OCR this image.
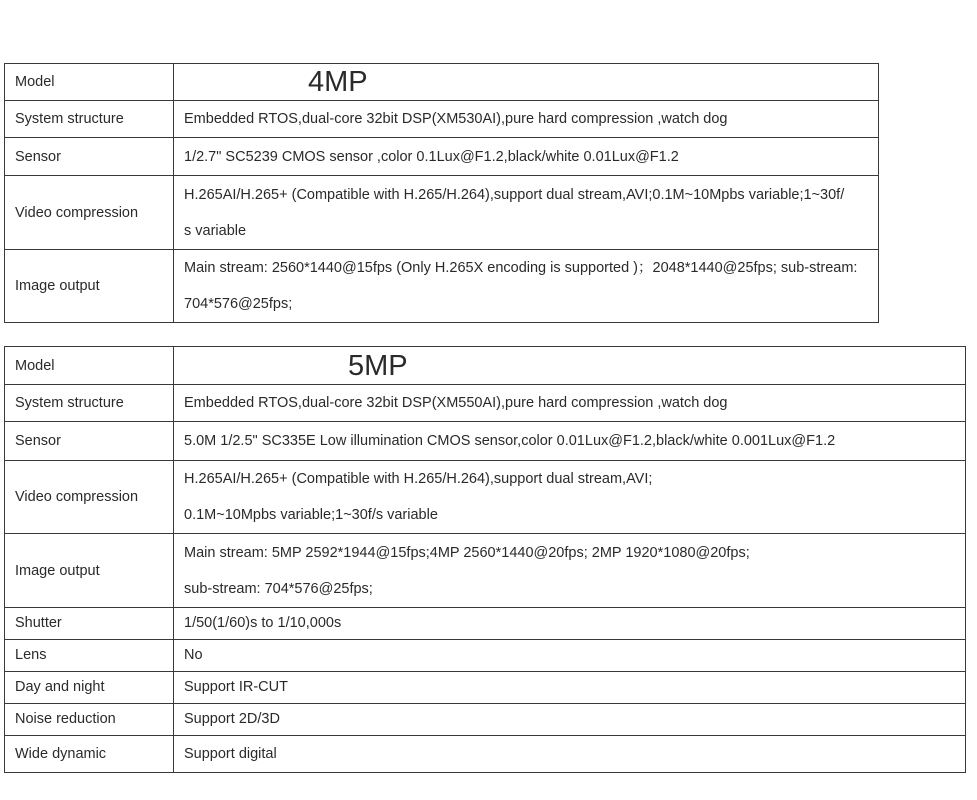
Model	4MP
System structure	Embedded RTOS,dual-core 32bit DSP(XM530AI),pure hard compression ,watch dog
Sensor	1/2.7" SC5239 CMOS sensor ,color 0.1Lux@F1.2,black/white 0.01Lux@F1.2
Video compression	H.265AI/H.265+ (Compatible with H.265/H.264),support dual stream,AVI;0.1M~10Mpbs variable;1~30f/
s variable

Image output	Main stream: 2560*1440@15fps (Only H.265X encoding is supported )；2048*1440@25fps; sub-stream:
704*576@25fps;
Model	5MP
System structure	Embedded RTOS,dual-core 32bit DSP(XM550AI),pure hard compression ,watch dog
Sensor	5.0M 1/2.5" SC335E Low illumination CMOS sensor,color 0.01Lux@F1.2,black/white 0.001Lux@F1.2
Video compression	H.265AI/H.265+ (Compatible with H.265/H.264),support dual stream,AVI;
0.1M~10Mpbs variable;1~30f/s variable

Image output	Main stream: 5MP 2592*1944@15fps;4MP 2560*1440@20fps; 2MP 1920*1080@20fps;
sub-stream: 704*576@25fps;

Shutter	1/50(1/60)s to 1/10,000s
Lens	No
Day and night	Support IR-CUT
Noise reduction	Support 2D/3D
Wide dynamic	Support digital
